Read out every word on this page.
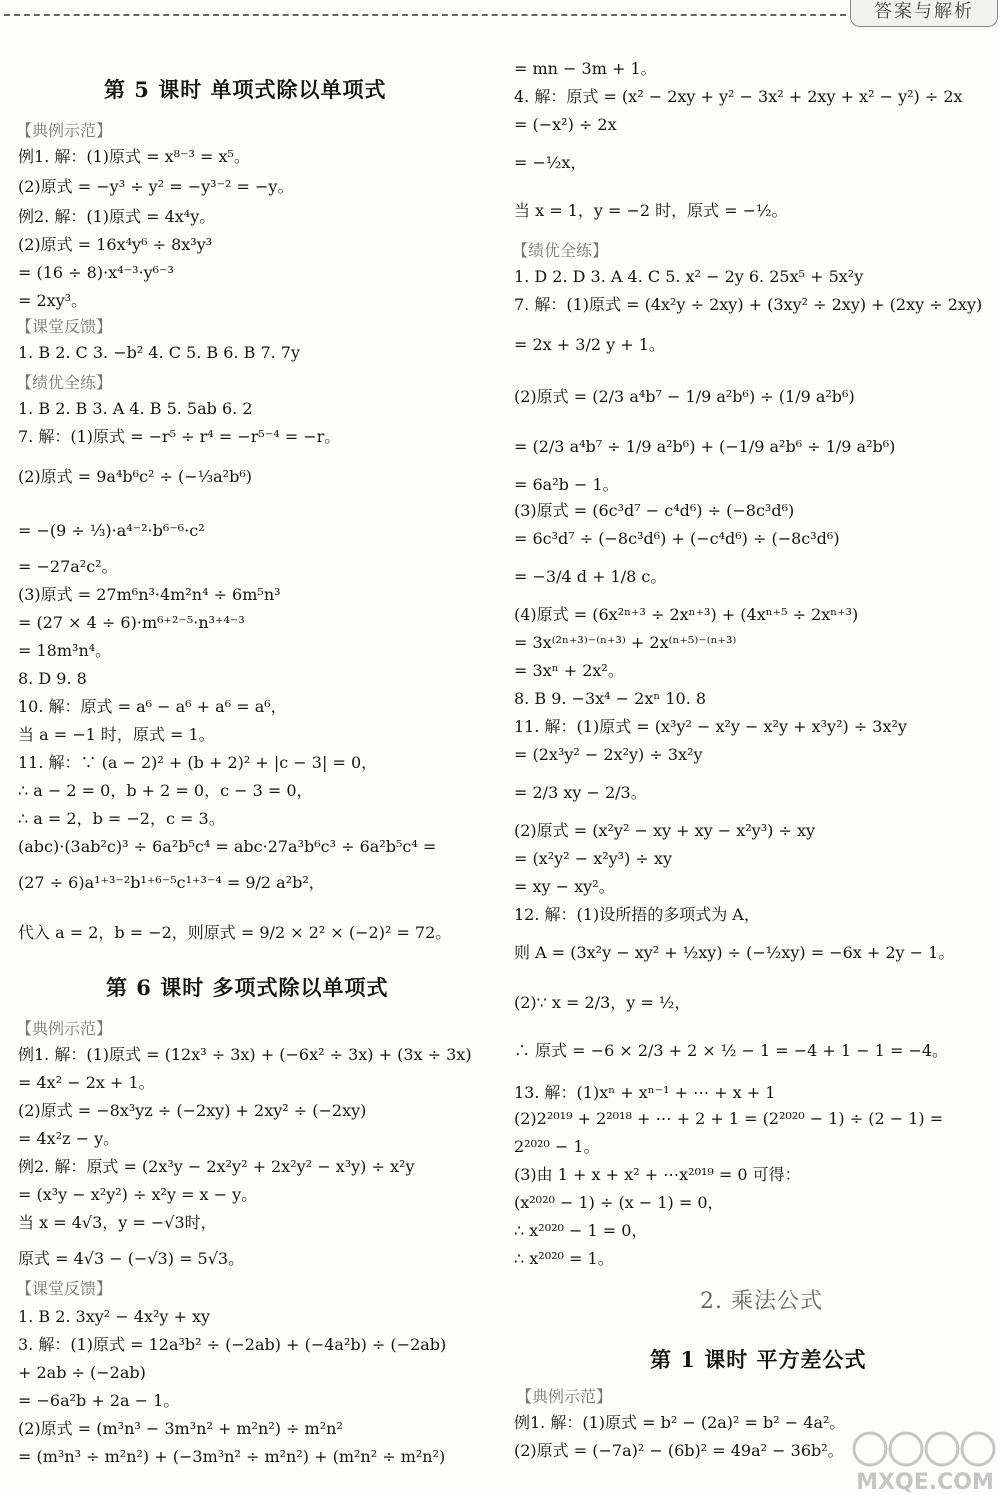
答案与解析
第 5 课时 单项式除以单项式
【典例示范】
例1. 解：(1)原式 = x⁸⁻³ = x⁵。
(2)原式 = −y³ ÷ y² = −y³⁻² = −y。
例2. 解：(1)原式 = 4x⁴y。
(2)原式 = 16x⁴y⁶ ÷ 8x³y³
= (16 ÷ 8)·x⁴⁻³·y⁶⁻³
= 2xy³。
【课堂反馈】
1. B 2. C 3. −b² 4. C 5. B 6. B 7. 7y
【绩优全练】
1. B 2. B 3. A 4. B 5. 5ab 6. 2
7. 解：(1)原式 = −r⁵ ÷ r⁴ = −r⁵⁻⁴ = −r。
(2)原式 = 9a⁴b⁶c² ÷ (−⅓a²b⁶)
= −(9 ÷ ⅓)·a⁴⁻²·b⁶⁻⁶·c²
= −27a²c²。
(3)原式 = 27m⁶n³·4m²n⁴ ÷ 6m⁵n³
= (27 × 4 ÷ 6)·m⁶⁺²⁻⁵·n³⁺⁴⁻³
= 18m³n⁴。
8. D 9. 8
10. 解：原式 = a⁶ − a⁶ + a⁶ = a⁶，
当 a = −1 时，原式 = 1。
11. 解：∵ (a − 2)² + (b + 2)² + |c − 3| = 0，
∴ a − 2 = 0，b + 2 = 0，c − 3 = 0，
∴ a = 2，b = −2，c = 3。
(abc)·(3ab²c)³ ÷ 6a²b⁵c⁴ = abc·27a³b⁶c³ ÷ 6a²b⁵c⁴ =
(27 ÷ 6)a¹⁺³⁻²b¹⁺⁶⁻⁵c¹⁺³⁻⁴ = 9/2 a²b²，
代入 a = 2，b = −2，则原式 = 9/2 × 2² × (−2)² = 72。
第 6 课时 多项式除以单项式
【典例示范】
例1. 解：(1)原式 = (12x³ ÷ 3x) + (−6x² ÷ 3x) + (3x ÷ 3x)
= 4x² − 2x + 1。
(2)原式 = −8x³yz ÷ (−2xy) + 2xy² ÷ (−2xy)
= 4x²z − y。
例2. 解：原式 = (2x³y − 2x²y² + 2x²y² − x³y) ÷ x²y
= (x³y − x²y²) ÷ x²y = x − y。
当 x = 4√3，y = −√3时，
原式 = 4√3 − (−√3) = 5√3。
【课堂反馈】
1. B 2. 3xy² − 4x²y + xy
3. 解：(1)原式 = 12a³b² ÷ (−2ab) + (−4a²b) ÷ (−2ab)
+ 2ab ÷ (−2ab)
= −6a²b + 2a − 1。
(2)原式 = (m³n³ − 3m³n² + m²n²) ÷ m²n²
= (m³n³ ÷ m²n²) + (−3m³n² ÷ m²n²) + (m²n² ÷ m²n²)
= mn − 3m + 1。
4. 解：原式 = (x² − 2xy + y² − 3x² + 2xy + x² − y²) ÷ 2x
= (−x²) ÷ 2x
= −½x，
当 x = 1，y = −2 时，原式 = −½。
【绩优全练】
1. D 2. D 3. A 4. C 5. x² − 2y 6. 25x⁵ + 5x²y
7. 解：(1)原式 = (4x²y ÷ 2xy) + (3xy² ÷ 2xy) + (2xy ÷ 2xy)
= 2x + 3/2 y + 1。
(2)原式 = (2/3 a⁴b⁷ − 1/9 a²b⁶) ÷ (1/9 a²b⁶)
= (2/3 a⁴b⁷ ÷ 1/9 a²b⁶) + (−1/9 a²b⁶ ÷ 1/9 a²b⁶)
= 6a²b − 1。
(3)原式 = (6c³d⁷ − c⁴d⁶) ÷ (−8c³d⁶)
= 6c³d⁷ ÷ (−8c³d⁶) + (−c⁴d⁶) ÷ (−8c³d⁶)
= −3/4 d + 1/8 c。
(4)原式 = (6x²ⁿ⁺³ ÷ 2xⁿ⁺³) + (4xⁿ⁺⁵ ÷ 2xⁿ⁺³)
= 3x⁽²ⁿ⁺³⁾⁻⁽ⁿ⁺³⁾ + 2x⁽ⁿ⁺⁵⁾⁻⁽ⁿ⁺³⁾
= 3xⁿ + 2x²。
8. B 9. −3x⁴ − 2xⁿ 10. 8
11. 解：(1)原式 = (x³y² − x²y − x²y + x³y²) ÷ 3x²y
= (2x³y² − 2x²y) ÷ 3x²y
= 2/3 xy − 2/3。
(2)原式 = (x²y² − xy + xy − x²y³) ÷ xy
= (x²y² − x²y³) ÷ xy
= xy − xy²。
12. 解：(1)设所捂的多项式为 A，
则 A = (3x²y − xy² + ½xy) ÷ (−½xy) = −6x + 2y − 1。
(2)∵ x = 2/3，y = ½，
∴ 原式 = −6 × 2/3 + 2 × ½ − 1 = −4 + 1 − 1 = −4。
13. 解：(1)xⁿ + xⁿ⁻¹ + ⋯ + x + 1
(2)2²⁰¹⁹ + 2²⁰¹⁸ + ⋯ + 2 + 1 = (2²⁰²⁰ − 1) ÷ (2 − 1) =
2²⁰²⁰ − 1。
(3)由 1 + x + x² + ⋯x²⁰¹⁹ = 0 可得：
(x²⁰²⁰ − 1) ÷ (x − 1) = 0，
∴ x²⁰²⁰ − 1 = 0，
∴ x²⁰²⁰ = 1。
2. 乘法公式
第 1 课时 平方差公式
【典例示范】
例1. 解：(1)原式 = b² − (2a)² = b² − 4a²。
(2)原式 = (−7a)² − (6b)² = 49a² − 36b²。
MXQE.COM
